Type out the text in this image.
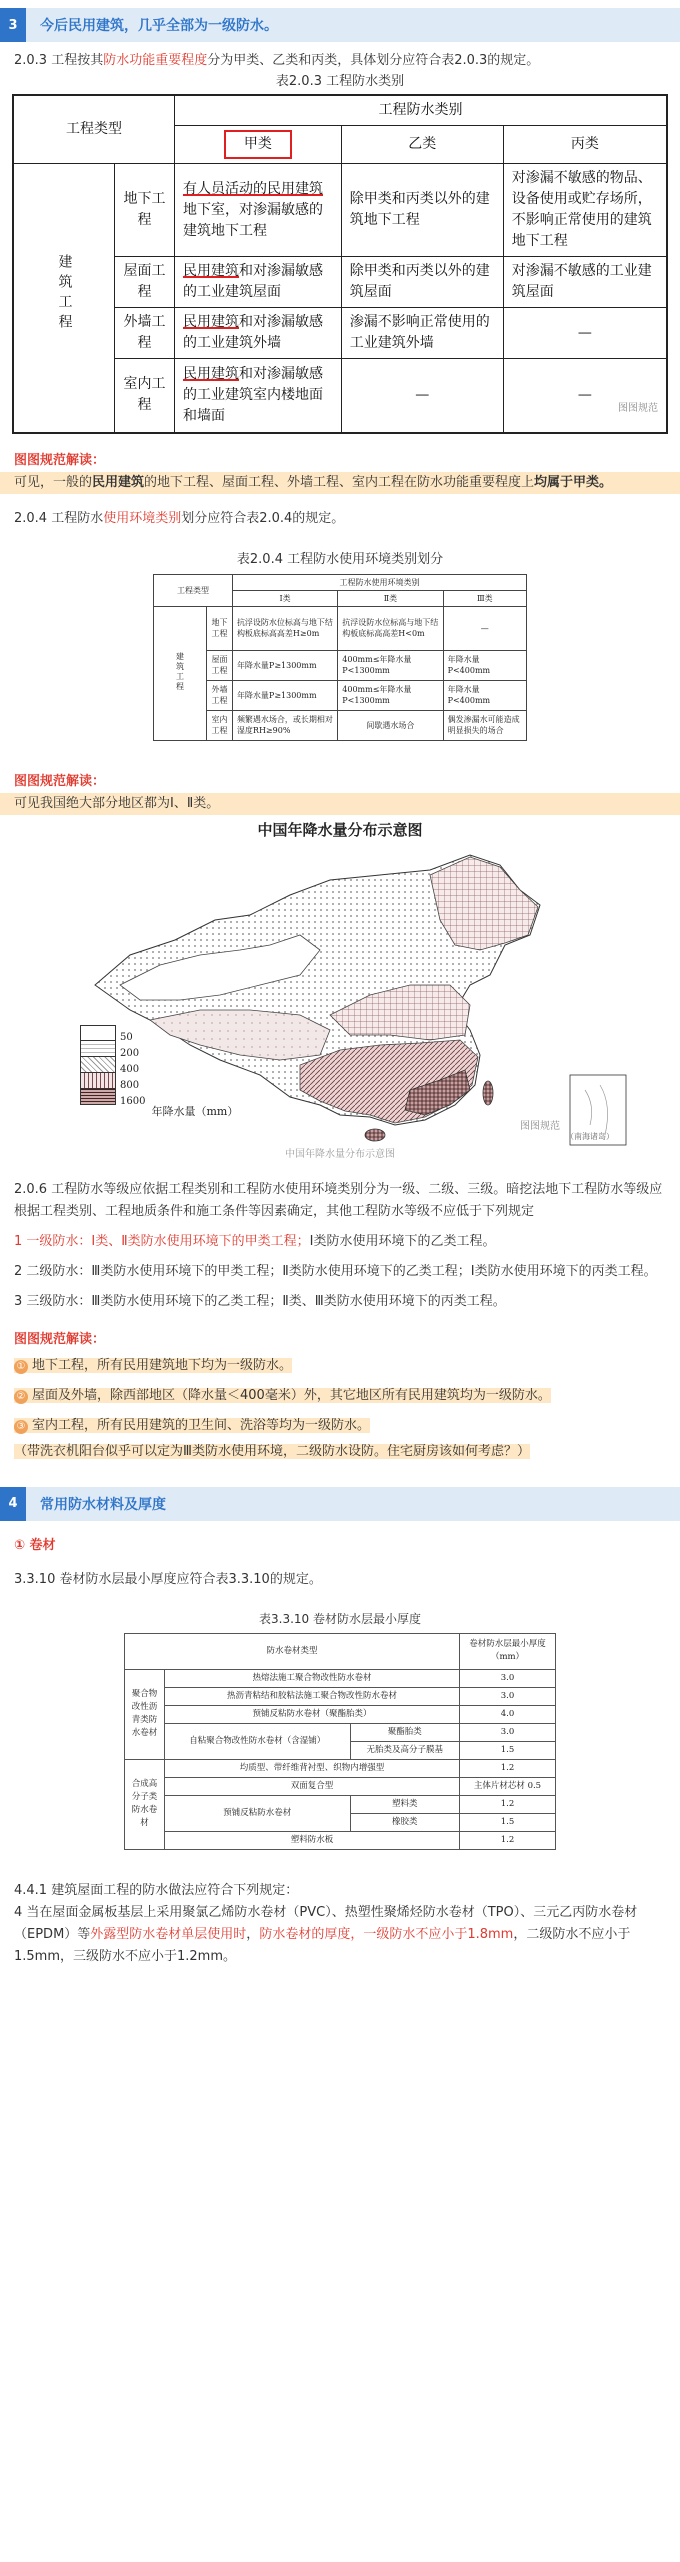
3	今后民用建筑，几乎全部为一级防水。

2.0.3 工程按其防水功能重要程度分为甲类、乙类和丙类，具体划分应符合表2.0.3的规定。

表2.0.3 工程防水类别
工程类型		工程防水类别		
		甲类	乙类	丙类
建筑工程	地下工程	有人员活动的民用建筑地下室，对渗漏敏感的建筑地下工程	除甲类和丙类以外的建筑地下工程	对渗漏不敏感的物品、设备使用或贮存场所，不影响正常使用的建筑地下工程
	屋面工程	民用建筑和对渗漏敏感的工业建筑屋面	除甲类和丙类以外的建筑屋面	对渗漏不敏感的工业建筑屋面
	外墙工程	民用建筑和对渗漏敏感的工业建筑外墙	渗漏不影响正常使用的工业建筑外墙	—
	室内工程	民用建筑和对渗漏敏感的工业建筑室内楼地面和墙面	—	—
图图规范
图图规范解读：

可见，一般的民用建筑的地下工程、屋面工程、外墙工程、室内工程在防水功能重要程度上均属于甲类。

2.0.4 工程防水使用环境类别划分应符合表2.0.4的规定。

表2.0.4 工程防水使用环境类别划分
工程类型		工程防水使用环境类别		
		Ⅰ类	Ⅱ类	Ⅲ类
建筑工程	地下工程	抗浮设防水位标高与地下结构板底标高高差H≥0m	抗浮设防水位标高与地下结构板底标高高差H<0m	—
	屋面工程	年降水量P≥1300mm	400mm≤年降水量P<1300mm	年降水量P<400mm
	外墙工程	年降水量P≥1300mm	400mm≤年降水量P<1300mm	年降水量P<400mm
	室内工程	频繁遇水场合，或长期相对湿度RH≥90%	间歇遇水场合	偶发渗漏水可能造成明显损失的场合
图图规范解读：

可见我国绝大部分地区都为Ⅰ、Ⅱ类。

中国年降水量分布示意图
50
200
400
800
1600
年降水量（mm）
图图规范
（南海诸岛）
中国年降水量分布示意图

2.0.6 工程防水等级应依据工程类别和工程防水使用环境类别分为一级、二级、三级。暗挖法地下工程防水等级应根据工程类别、工程地质条件和施工条件等因素确定，其他工程防水等级不应低于下列规定

1 一级防水：Ⅰ类、Ⅱ类防水使用环境下的甲类工程；Ⅰ类防水使用环境下的乙类工程。

2 二级防水：Ⅲ类防水使用环境下的甲类工程；Ⅱ类防水使用环境下的乙类工程；Ⅰ类防水使用环境下的丙类工程。

3 三级防水：Ⅲ类防水使用环境下的乙类工程；Ⅱ类、Ⅲ类防水使用环境下的丙类工程。

图图规范解读：
① 地下工程，所有民用建筑地下均为一级防水。
② 屋面及外墙，除西部地区（降水量＜400毫米）外，其它地区所有民用建筑均为一级防水。
③ 室内工程，所有民用建筑的卫生间、洗浴等均为一级防水。
（带洗衣机阳台似乎可以定为Ⅲ类防水使用环境，二级防水设防。住宅厨房该如何考虑？）
4	常用防水材料及厚度
① 卷材

3.3.10 卷材防水层最小厚度应符合表3.3.10的规定。

表3.3.10 卷材防水层最小厚度
防水卷材类型			卷材防水层最小厚度（mm）
聚合物改性沥青类防水卷材	热熔法施工聚合物改性防水卷材		3.0
	热沥青粘结和胶粘法施工聚合物改性防水卷材		3.0
	预铺反粘防水卷材（聚酯胎类）		4.0
	自粘聚合物改性防水卷材（含湿铺）	聚酯胎类	3.0
		无胎类及高分子膜基	1.5
合成高分子类防水卷材	均质型、带纤维背衬型、织物内增强型		1.2
	双面复合型		主体片材芯材 0.5
	预铺反粘防水卷材	塑料类	1.2
		橡胶类	1.5
	塑料防水板		1.2

4.4.1 建筑屋面工程的防水做法应符合下列规定：

4 当在屋面金属板基层上采用聚氯乙烯防水卷材（PVC）、热塑性聚烯烃防水卷材（TPO）、三元乙丙防水卷材（EPDM）等外露型防水卷材单层使用时，防水卷材的厚度，一级防水不应小于1.8mm，二级防水不应小于1.5mm，三级防水不应小于1.2mm。
